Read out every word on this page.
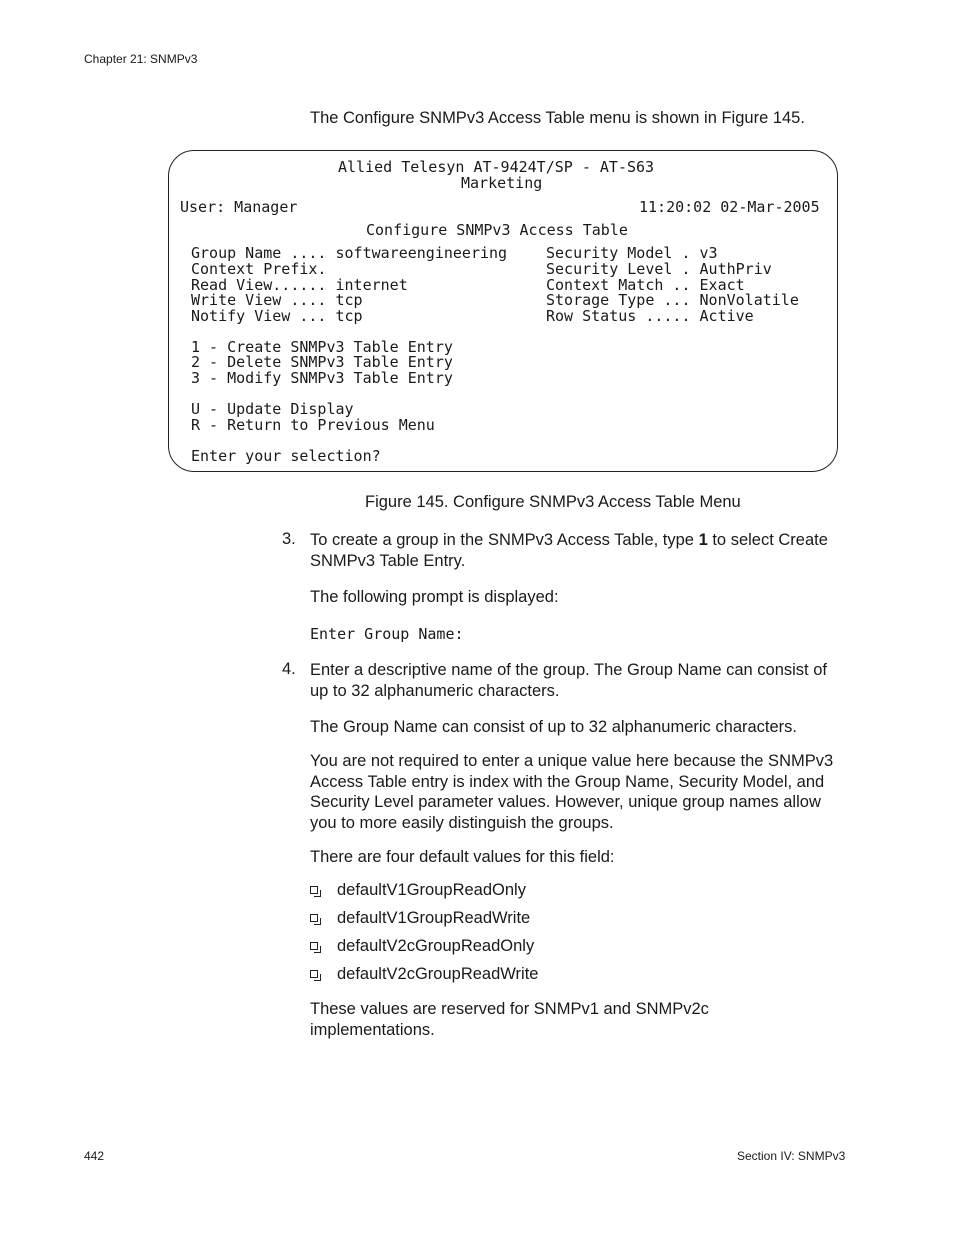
Chapter 21: SNMPv3
The Configure SNMPv3 Access Table menu is shown in Figure 145.
Allied Telesyn AT-9424T/SP - AT-S63
Marketing
User: Manager	11:20:02 02-Mar-2005
Configure SNMPv3 Access Table
Group Name .... softwareengineering
Context Prefix.
Read View...... internet
Write View .... tcp
Notify View ... tcp
Security Model . v3
Security Level . AuthPriv
Context Match .. Exact
Storage Type ... NonVolatile
Row Status ..... Active
1 - Create SNMPv3 Table Entry
2 - Delete SNMPv3 Table Entry
3 - Modify SNMPv3 Table Entry
U - Update Display
R - Return to Previous Menu
Enter your selection?
Figure 145. Configure SNMPv3 Access Table Menu
3. To create a group in the SNMPv3 Access Table, type 1 to select Create SNMPv3 Table Entry.
The following prompt is displayed:
Enter Group Name:
4. Enter a descriptive name of the group. The Group Name can consist of up to 32 alphanumeric characters.
The Group Name can consist of up to 32 alphanumeric characters.
You are not required to enter a unique value here because the SNMPv3 Access Table entry is index with the Group Name, Security Model, and Security Level parameter values. However, unique group names allow you to more easily distinguish the groups.
There are four default values for this field:
defaultV1GroupReadOnly
defaultV1GroupReadWrite
defaultV2cGroupReadOnly
defaultV2cGroupReadWrite
These values are reserved for SNMPv1 and SNMPv2c implementations.
442	Section IV: SNMPv3
